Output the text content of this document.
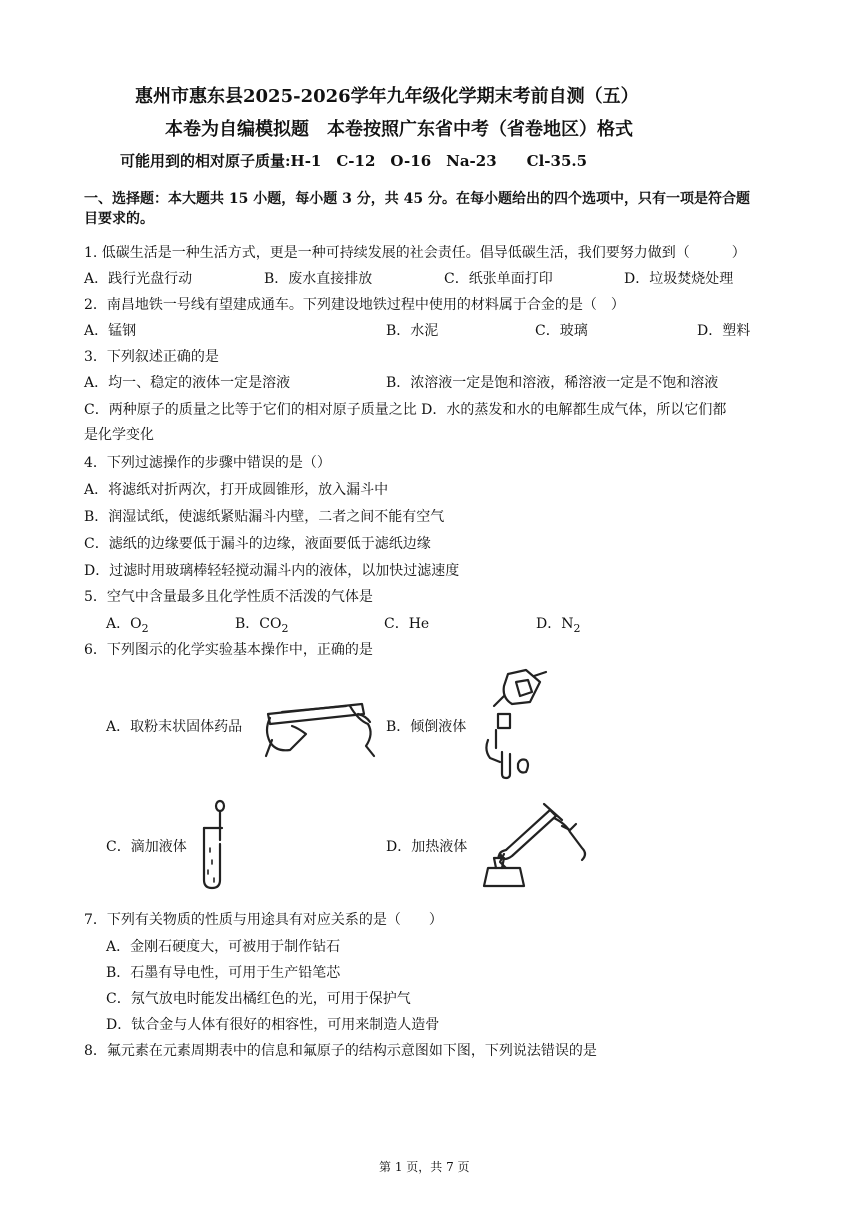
惠州市惠东县2025-2026学年九年级化学期末考前自测（五）
本卷为自编模拟题　本卷按照广东省中考（省卷地区）格式
可能用到的相对原子质量:H-1　C-12　O-16　Na-23　　Cl-35.5
一、选择题：本大题共 15 小题，每小题 3 分，共 45 分。在每小题给出的四个选项中，只有一项是符合题
目要求的。
1. 低碳生活是一种生活方式，更是一种可持续发展的社会责任。倡导低碳生活，我们要努力做到（　　　）
A．践行光盘行动	B．废水直接排放	C．纸张单面打印	D．垃圾焚烧处理
2．南昌地铁一号线有望建成通车。下列建设地铁过程中使用的材料属于合金的是（　）
A．锰钢	B．水泥	C．玻璃	D．塑料
3．下列叙述正确的是
A．均一、稳定的液体一定是溶液	B．浓溶液一定是饱和溶液，稀溶液一定是不饱和溶液
C．两种原子的质量之比等于它们的相对原子质量之比 D．水的蒸发和水的电解都生成气体，所以它们都
是化学变化
4．下列过滤操作的步骤中错误的是（）
A．将滤纸对折两次，打开成圆锥形，放入漏斗中
B．润湿试纸，使滤纸紧贴漏斗内壁，二者之间不能有空气
C．滤纸的边缘要低于漏斗的边缘，液面要低于滤纸边缘
D．过滤时用玻璃棒轻轻搅动漏斗内的液体，以加快过滤速度
5．空气中含量最多且化学性质不活泼的气体是
A．$O_2$	B．$CO_2$	C．He	D．$N_2$
6．下列图示的化学实验基本操作中，正确的是
A．取粉末状固体药品	B．倾倒液体
C．滴加液体	D．加热液体
7．下列有关物质的性质与用途具有对应关系的是（　　）
A．金刚石硬度大，可被用于制作钻石
B．石墨有导电性，可用于生产铅笔芯
C．氖气放电时能发出橘红色的光，可用于保护气
D．钛合金与人体有很好的相容性，可用来制造人造骨
8．氟元素在元素周期表中的信息和氟原子的结构示意图如下图，下列说法错误的是
第 1 页，共 7 页
